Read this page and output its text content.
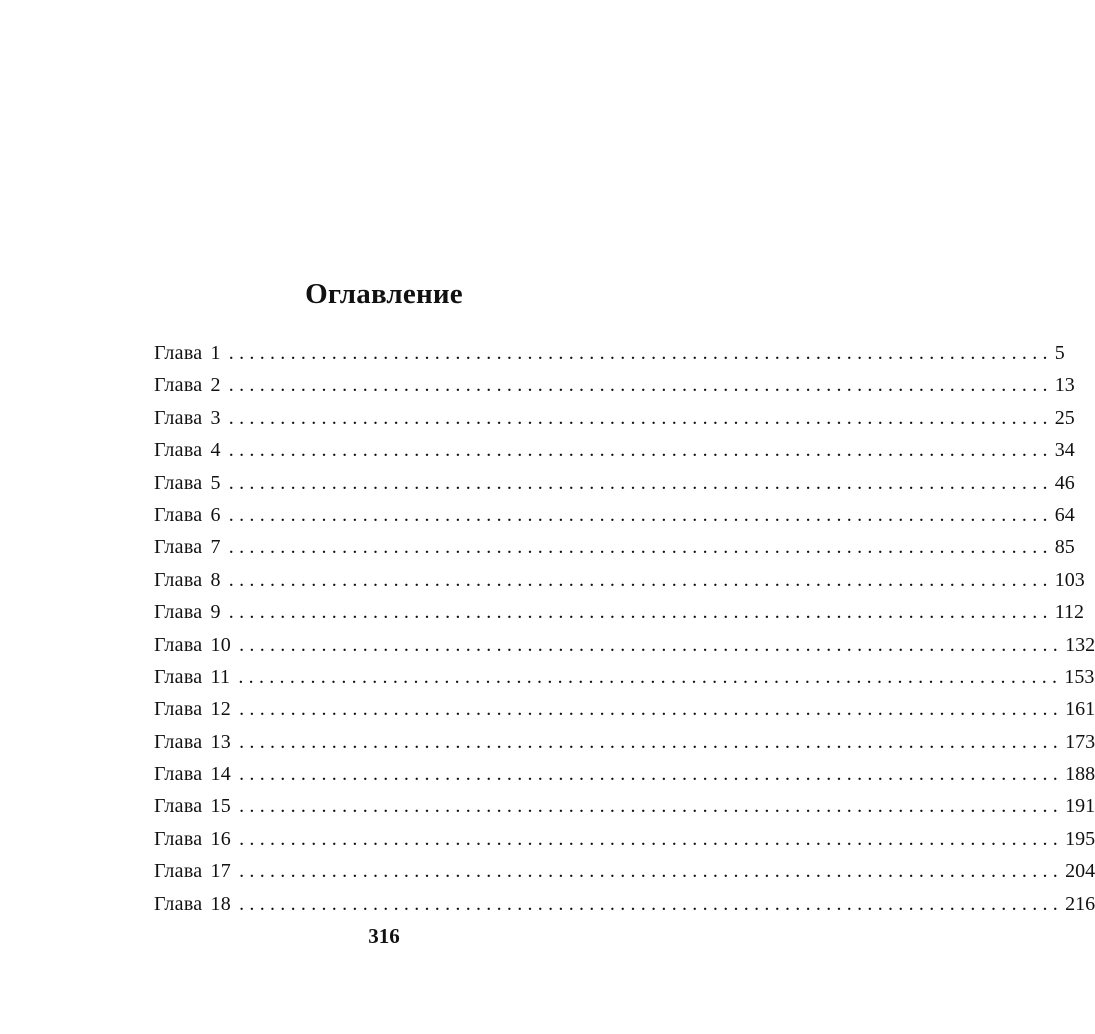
Оглавление
Глава 1 ................................................................................ 5
Глава 2 ................................................................................ 13
Глава 3 ................................................................................ 25
Глава 4 ................................................................................ 34
Глава 5 ................................................................................ 46
Глава 6 ................................................................................ 64
Глава 7 ................................................................................ 85
Глава 8 ................................................................................ 103
Глава 9 ................................................................................ 112
Глава 10 ................................................................................ 132
Глава 11 ................................................................................ 153
Глава 12 ................................................................................ 161
Глава 13 ................................................................................ 173
Глава 14 ................................................................................ 188
Глава 15 ................................................................................ 191
Глава 16 ................................................................................ 195
Глава 17 ................................................................................ 204
Глава 18 ................................................................................ 216
316
